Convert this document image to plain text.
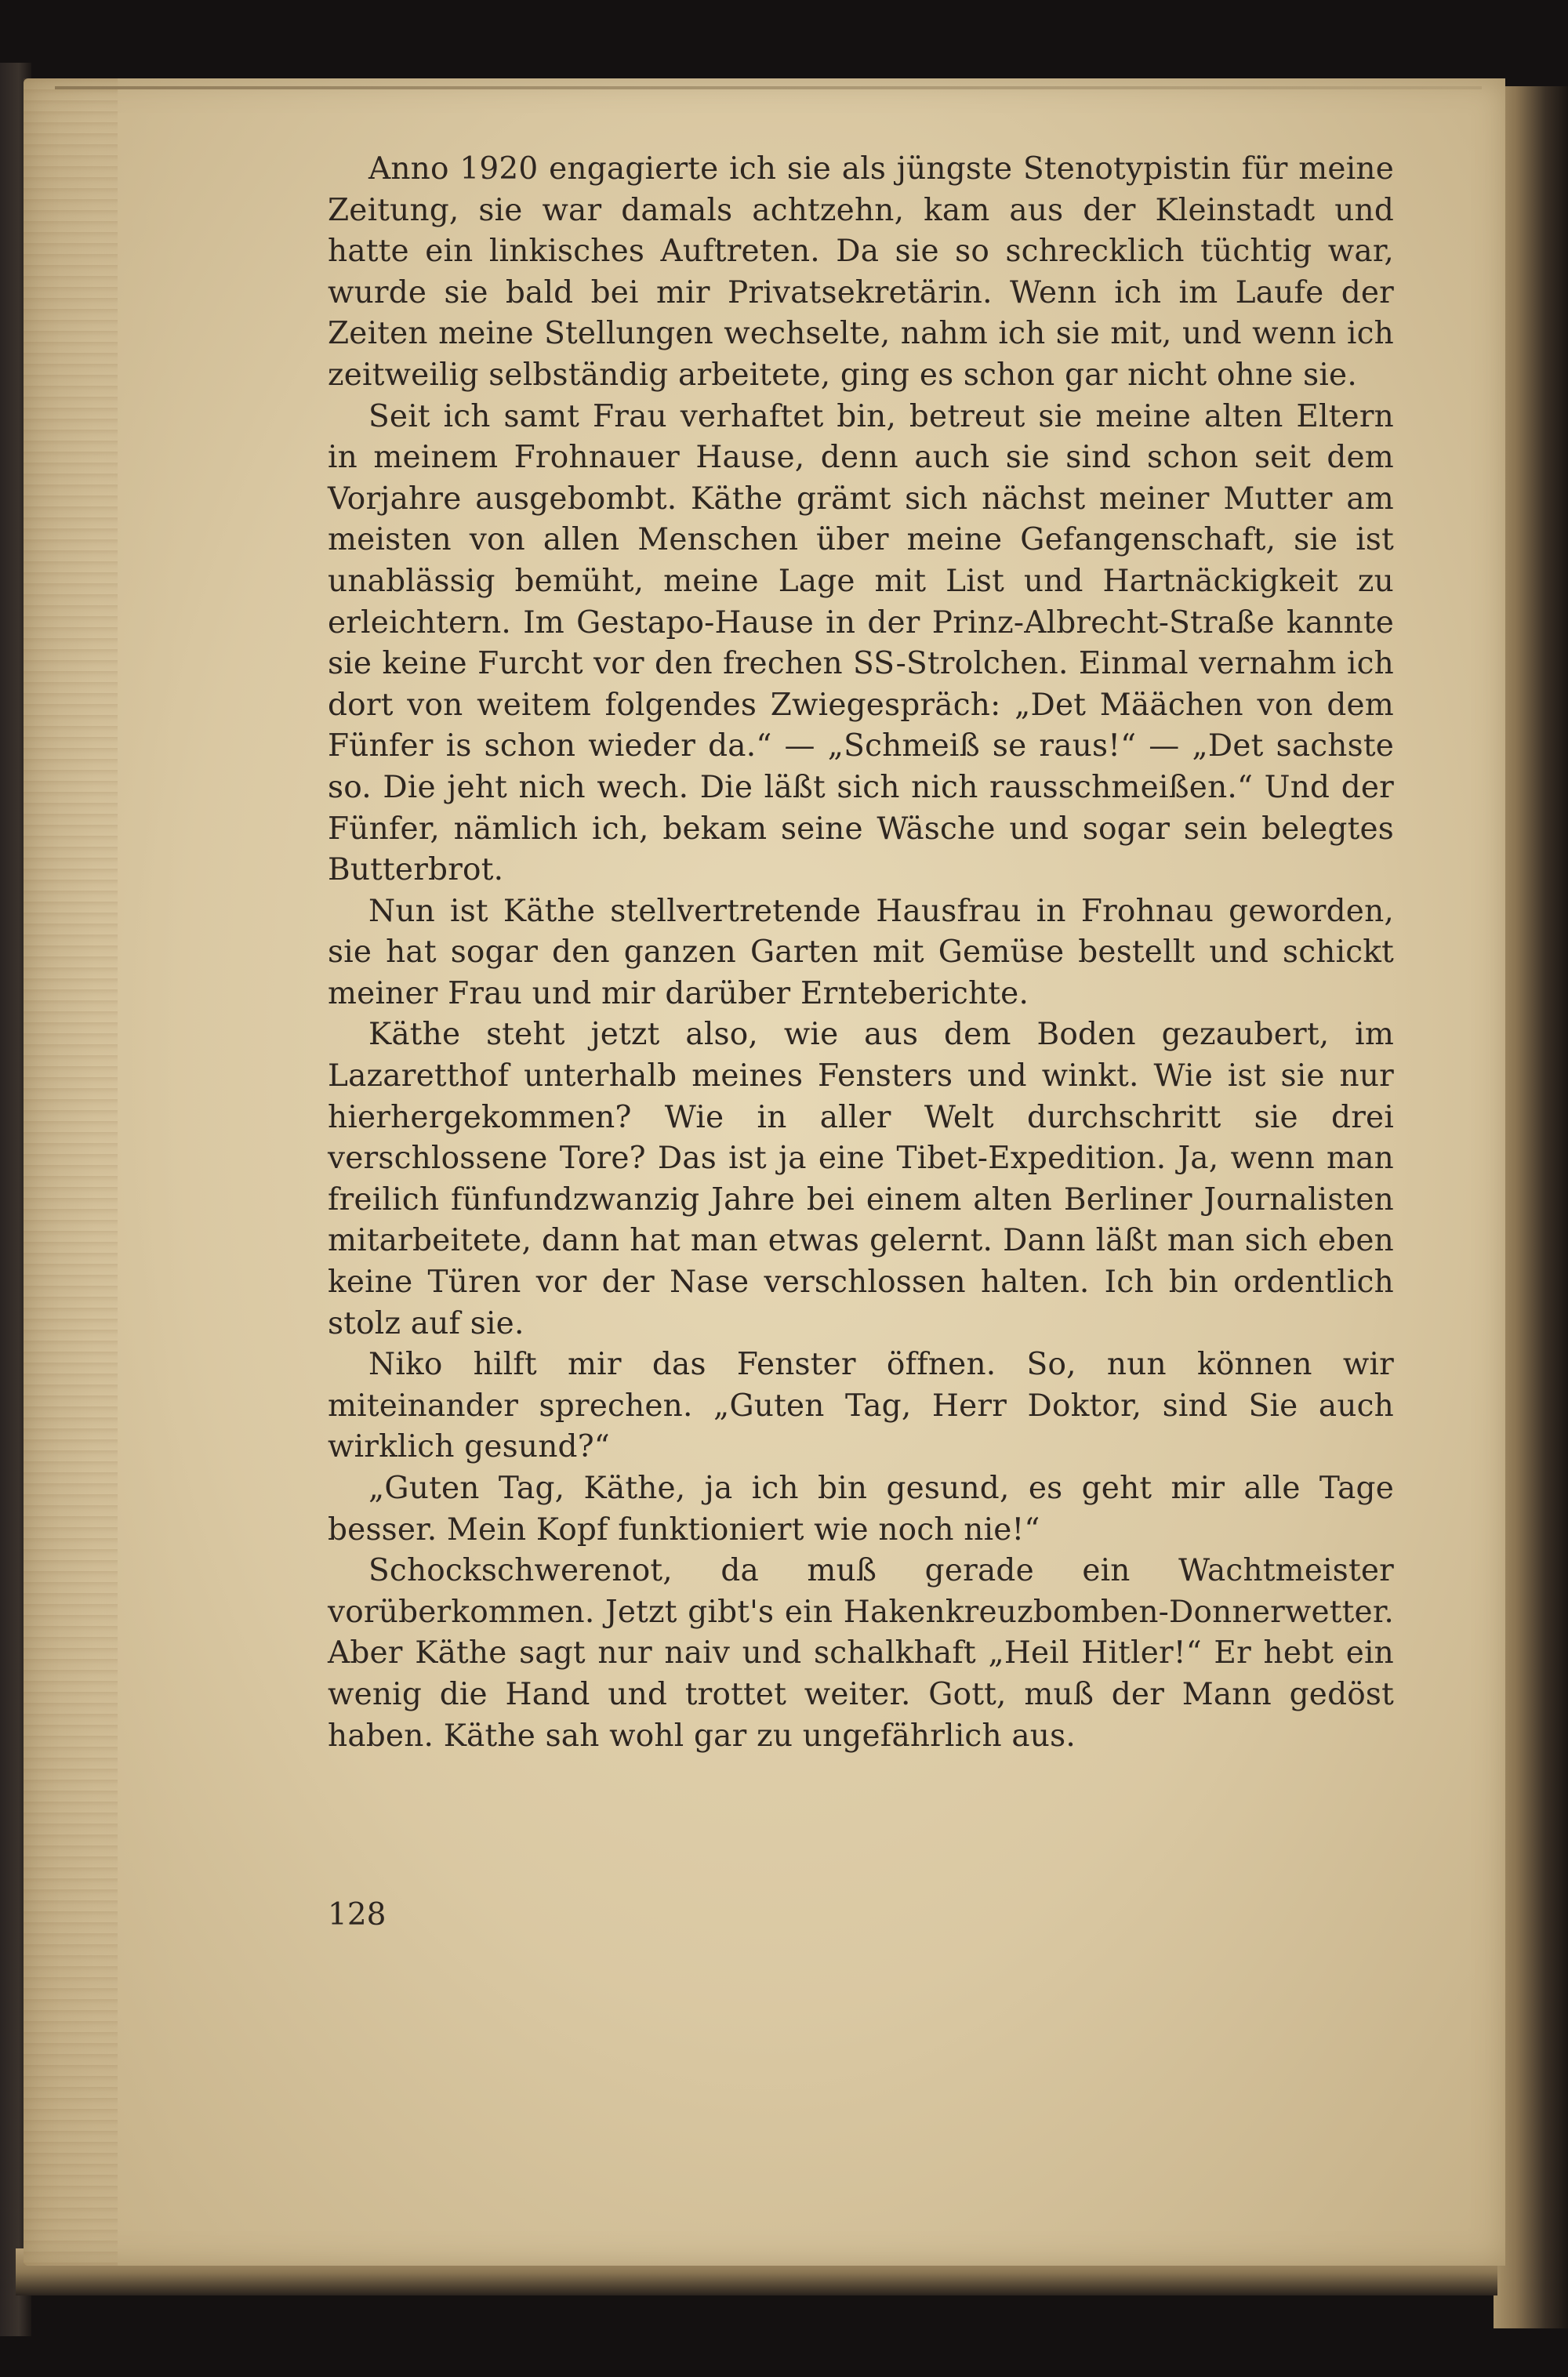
Anno 1920 engagierte ich sie als jüngste Stenotypistin für meine Zeitung, sie war damals achtzehn, kam aus der Kleinstadt und hatte ein linkisches Auftreten. Da sie so schrecklich tüchtig war, wurde sie bald bei mir Privatsekretärin. Wenn ich im Laufe der Zeiten meine Stellungen wechselte, nahm ich sie mit, und wenn ich zeitweilig selbständig arbeitete, ging es schon gar nicht ohne sie.

Seit ich samt Frau verhaftet bin, betreut sie meine alten Eltern in meinem Frohnauer Hause, denn auch sie sind schon seit dem Vorjahre ausgebombt. Käthe grämt sich nächst meiner Mutter am meisten von allen Menschen über meine Gefangenschaft, sie ist unablässig bemüht, meine Lage mit List und Hartnäckigkeit zu erleichtern. Im Gestapo-Hause in der Prinz-Albrecht-Straße kannte sie keine Furcht vor den frechen SS-Strolchen. Einmal vernahm ich dort von weitem folgendes Zwiegespräch: „Det Määchen von dem Fünfer is schon wieder da.“ — „Schmeiß se raus!“ — „Det sachste so. Die jeht nich wech. Die läßt sich nich rausschmeißen.“ Und der Fünfer, nämlich ich, bekam seine Wäsche und sogar sein belegtes Butterbrot.

Nun ist Käthe stellvertretende Hausfrau in Frohnau geworden, sie hat sogar den ganzen Garten mit Gemüse bestellt und schickt meiner Frau und mir darüber Ernteberichte.

Käthe steht jetzt also, wie aus dem Boden gezaubert, im Lazaretthof unterhalb meines Fensters und winkt. Wie ist sie nur hierhergekommen? Wie in aller Welt durchschritt sie drei verschlossene Tore? Das ist ja eine Tibet-Expedition. Ja, wenn man freilich fünfundzwanzig Jahre bei einem alten Berliner Journalisten mitarbeitete, dann hat man etwas gelernt. Dann läßt man sich eben keine Türen vor der Nase verschlossen halten. Ich bin ordentlich stolz auf sie.

Niko hilft mir das Fenster öffnen. So, nun können wir miteinander sprechen. „Guten Tag, Herr Doktor, sind Sie auch wirklich gesund?“

„Guten Tag, Käthe, ja ich bin gesund, es geht mir alle Tage besser. Mein Kopf funktioniert wie noch nie!“

Schockschwerenot, da muß gerade ein Wachtmeister vorüberkommen. Jetzt gibt's ein Hakenkreuzbomben-Donnerwetter. Aber Käthe sagt nur naiv und schalkhaft „Heil Hitler!“ Er hebt ein wenig die Hand und trottet weiter. Gott, muß der Mann gedöst haben. Käthe sah wohl gar zu ungefährlich aus.

128
